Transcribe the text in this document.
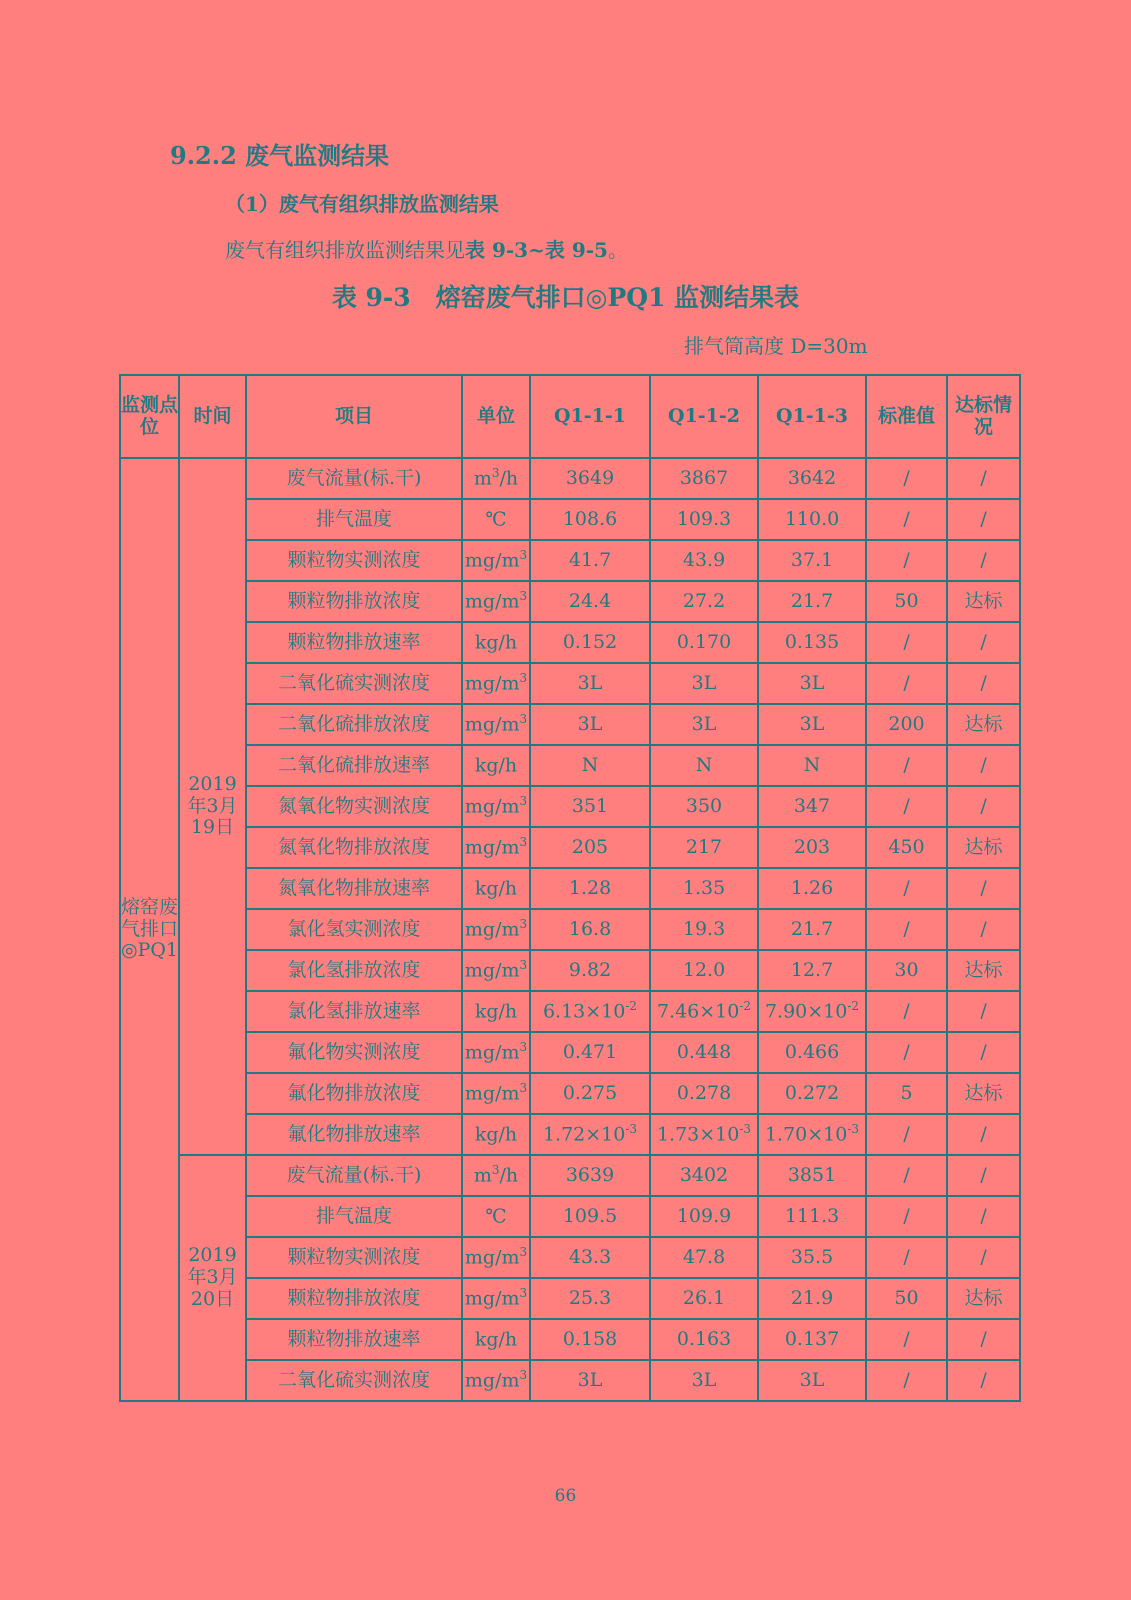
9.2.2 废气监测结果
（1）废气有组织排放监测结果
废气有组织排放监测结果见表 9-3~表 9-5。
表 9-3　熔窑废气排口◎PQ1 监测结果表
排气筒高度 D=30m
监测点位	时间	项目	单位	Q1-1-1	Q1-1-2	Q1-1-3	标准值	达标情况
熔窑废气排口◎PQ1	2019年3月19日	废气流量(标.干)	$m^3/h$	3649	3867	3642	/	/
		排气温度	℃	108.6	109.3	110.0	/	/
		颗粒物实测浓度	$mg/m^3$	41.7	43.9	37.1	/	/
		颗粒物排放浓度	$mg/m^3$	24.4	27.2	21.7	50	达标
		颗粒物排放速率	kg/h	0.152	0.170	0.135	/	/
		二氧化硫实测浓度	$mg/m^3$	3L	3L	3L	/	/
		二氧化硫排放浓度	$mg/m^3$	3L	3L	3L	200	达标
		二氧化硫排放速率	kg/h	N	N	N	/	/
		氮氧化物实测浓度	$mg/m^3$	351	350	347	/	/
		氮氧化物排放浓度	$mg/m^3$	205	217	203	450	达标
		氮氧化物排放速率	kg/h	1.28	1.35	1.26	/	/
		氯化氢实测浓度	$mg/m^3$	16.8	19.3	21.7	/	/
		氯化氢排放浓度	$mg/m^3$	9.82	12.0	12.7	30	达标
		氯化氢排放速率	kg/h	$6.13\times 10^{-2}$	$7.46\times 10^{-2}$	$7.90\times 10^{-2}$	/	/
		氟化物实测浓度	$mg/m^3$	0.471	0.448	0.466	/	/
		氟化物排放浓度	$mg/m^3$	0.275	0.278	0.272	5	达标
		氟化物排放速率	kg/h	$1.72\times 10^{-3}$	$1.73\times 10^{-3}$	$1.70\times 10^{-3}$	/	/
	2019年3月20日	废气流量(标.干)	$m^3/h$	3639	3402	3851	/	/
		排气温度	℃	109.5	109.9	111.3	/	/
		颗粒物实测浓度	$mg/m^3$	43.3	47.8	35.5	/	/
		颗粒物排放浓度	$mg/m^3$	25.3	26.1	21.9	50	达标
		颗粒物排放速率	kg/h	0.158	0.163	0.137	/	/
		二氧化硫实测浓度	$mg/m^3$	3L	3L	3L	/	/
66
